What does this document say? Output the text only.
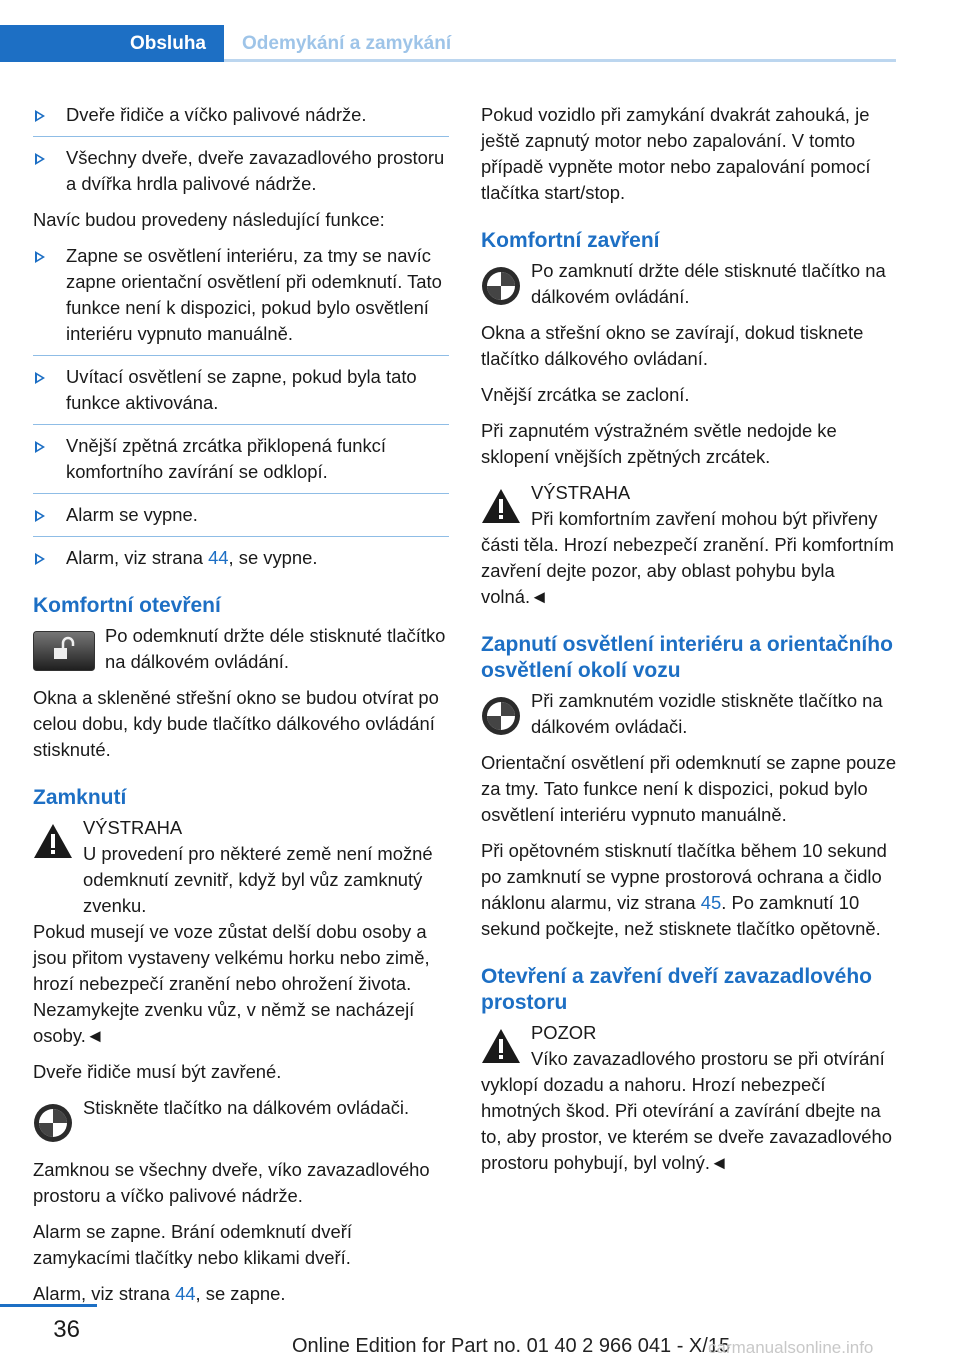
Obsluha	Odemykání a zamykání
Dveře řidiče a víčko palivové nádrže.
Všechny dveře, dveře zavazadlového prostoru a dvířka hrdla palivové nádrže.

Navíc budou provedeny následující funkce:

Zapne se osvětlení interiéru, za tmy se navíc zapne orientační osvětlení při odemknutí. Tato funkce není k dispozici, pokud bylo osvětlení interiéru vypnuto manuálně.
Uvítací osvětlení se zapne, pokud byla tato funkce aktivována.
Vnější zpětná zrcátka přiklopená funkcí komfortního zavírání se odklopí.
Alarm se vypne.
Alarm, viz strana 44, se vypne.
Komfortní otevření
Po odemknutí držte déle stisknuté tlačítko na dálkovém ovládání.

Okna a skleněné střešní okno se budou otvírat po celou dobu, kdy bude tlačítko dálkového ovládání stisknuté.

Zamknutí
VÝSTRAHA
U provedení pro některé země není možné odemknutí zevnitř, když byl vůz zamknutý zvenku.

Pokud musejí ve voze zůstat delší dobu osoby a jsou přitom vystaveny velkému horku nebo zimě, hrozí nebezpečí zranění nebo ohrožení života. Nezamykejte zvenku vůz, v němž se nacházejí osoby.◄

Dveře řidiče musí být zavřené.

Stiskněte tlačítko na dálkovém ovládači.

Zamknou se všechny dveře, víko zavazadlového prostoru a víčko palivové nádrže.

Alarm se zapne. Brání odemknutí dveří zamykacími tlačítky nebo klikami dveří.

Alarm, viz strana 44, se zapne.

Pokud vozidlo při zamykání dvakrát zahouká, je ještě zapnutý motor nebo zapalování. V tomto případě vypněte motor nebo zapalování pomocí tlačítka start/stop.

Komfortní zavření
Po zamknutí držte déle stisknuté tlačítko na dálkovém ovládání.

Okna a střešní okno se zavírají, dokud tisknete tlačítko dálkového ovládaní.

Vnější zrcátka se zacloní.

Při zapnutém výstražném světle nedojde ke sklopení vnějších zpětných zrcátek.

VÝSTRAHA

Při komfortním zavření mohou být přivřeny části těla. Hrozí nebezpečí zranění. Při komfortním zavření dejte pozor, aby oblast pohybu byla volná.◄

Zapnutí osvětlení interiéru a orientačního osvětlení okolí vozu
Při zamknutém vozidle stiskněte tlačítko na dálkovém ovládači.

Orientační osvětlení při odemknutí se zapne pouze za tmy. Tato funkce není k dispozici, pokud bylo osvětlení interiéru vypnuto manuálně.

Při opětovném stisknutí tlačítka během 10 sekund po zamknutí se vypne prostorová ochrana a čidlo náklonu alarmu, viz strana 45. Po zamknutí 10 sekund počkejte, než stisknete tlačítko opětovně.

Otevření a zavření dveří zavazadlového prostoru
POZOR

Víko zavazadlového prostoru se při otvírání vyklopí dozadu a nahoru. Hrozí nebezpečí hmotných škod. Při otevírání a zavírání dbejte na to, aby prostor, ve kterém se dveře zavazadlového prostoru pohybují, byl volný.◄

36
Online Edition for Part no. 01 40 2 966 041 - X/15
carmanualsonline.info
